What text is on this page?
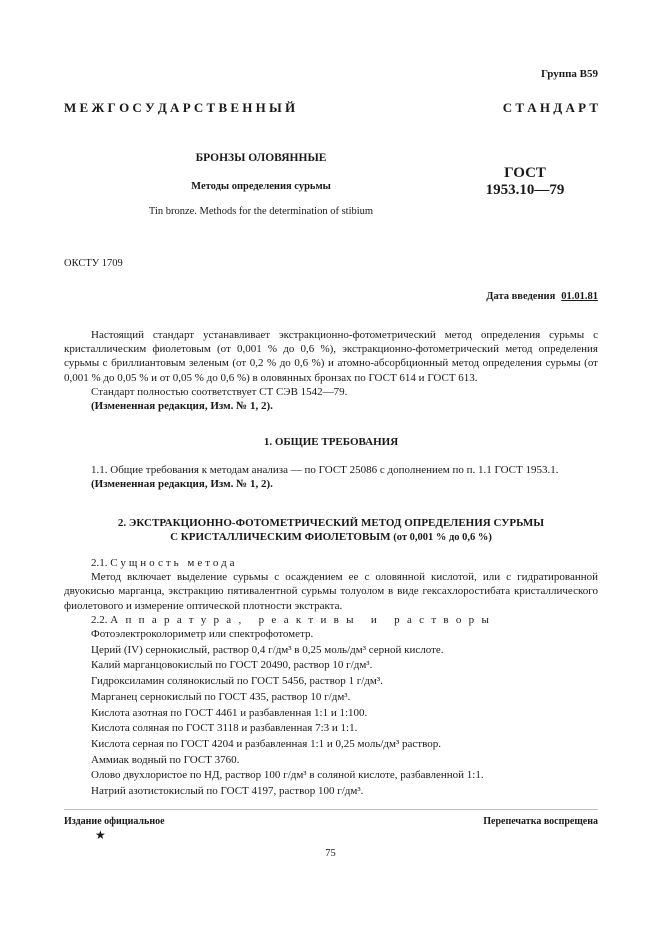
Группа В59
М Е Ж Г О С У Д А Р С Т В Е Н Н Ы Й	С Т А Н Д А Р Т
БРОНЗЫ ОЛОВЯННЫЕ
Методы определения сурьмы
Tin bronze. Methods for the determination of stibium
ГОСТ
1953.10—79
ОКСТУ 1709
Дата введения 01.01.81

Настоящий стандарт устанавливает экстракционно-фотометрический метод определения сурьмы с кристаллическим фиолетовым (от 0,001 % до 0,6 %), экстракционно-фотометрический метод определения сурьмы с бриллиантовым зеленым (от 0,2 % до 0,6 %) и атомно-абсорбционный метод определения сурьмы (от 0,001 % до 0,05 % и от 0,05 % до 0,6 %) в оловянных бронзах по ГОСТ 614 и ГОСТ 613.

Стандарт полностью соответствует СТ СЭВ 1542—79.

(Измененная редакция, Изм. № 1, 2).

1. ОБЩИЕ ТРЕБОВАНИЯ

1.1. Общие требования к методам анализа — по ГОСТ 25086 с дополнением по п. 1.1 ГОСТ 1953.1.

(Измененная редакция, Изм. № 1, 2).

2. ЭКСТРАКЦИОННО-ФОТОМЕТРИЧЕСКИЙ МЕТОД ОПРЕДЕЛЕНИЯ СУРЬМЫ

С КРИСТАЛЛИЧЕСКИМ ФИОЛЕТОВЫМ (от 0,001 % до 0,6 %)

2.1. Сущность метода

Метод включает выделение сурьмы с осаждением ее с оловянной кислотой, или с гидратированной двуокисью марганца, экстракцию пятивалентной сурьмы толуолом в виде гексахлоростибата кристаллического фиолетового и измерение оптической плотности экстракта.

2.2. Аппаратура, реактивы и растворы

Фотоэлектроколориметр или спектрофотометр.

Церий (IV) сернокислый, раствор 0,4 г/дм³ в 0,25 моль/дм³ серной кислоте.

Калий марганцовокислый по ГОСТ 20490, раствор 10 г/дм³.

Гидроксиламин солянокислый по ГОСТ 5456, раствор 1 г/дм³.

Марганец сернокислый по ГОСТ 435, раствор 10 г/дм³.

Кислота азотная по ГОСТ 4461 и разбавленная 1:1 и 1:100.

Кислота соляная по ГОСТ 3118 и разбавленная 7:3 и 1:1.

Кислота серная по ГОСТ 4204 и разбавленная 1:1 и 0,25 моль/дм³ раствор.

Аммиак водный по ГОСТ 3760.

Олово двухлористое по НД, раствор 100 г/дм³ в соляной кислоте, разбавленной 1:1.

Натрий азотистокислый по ГОСТ 4197, раствор 100 г/дм³.

Издание официальное
★
Перепечатка воспрещена
75
